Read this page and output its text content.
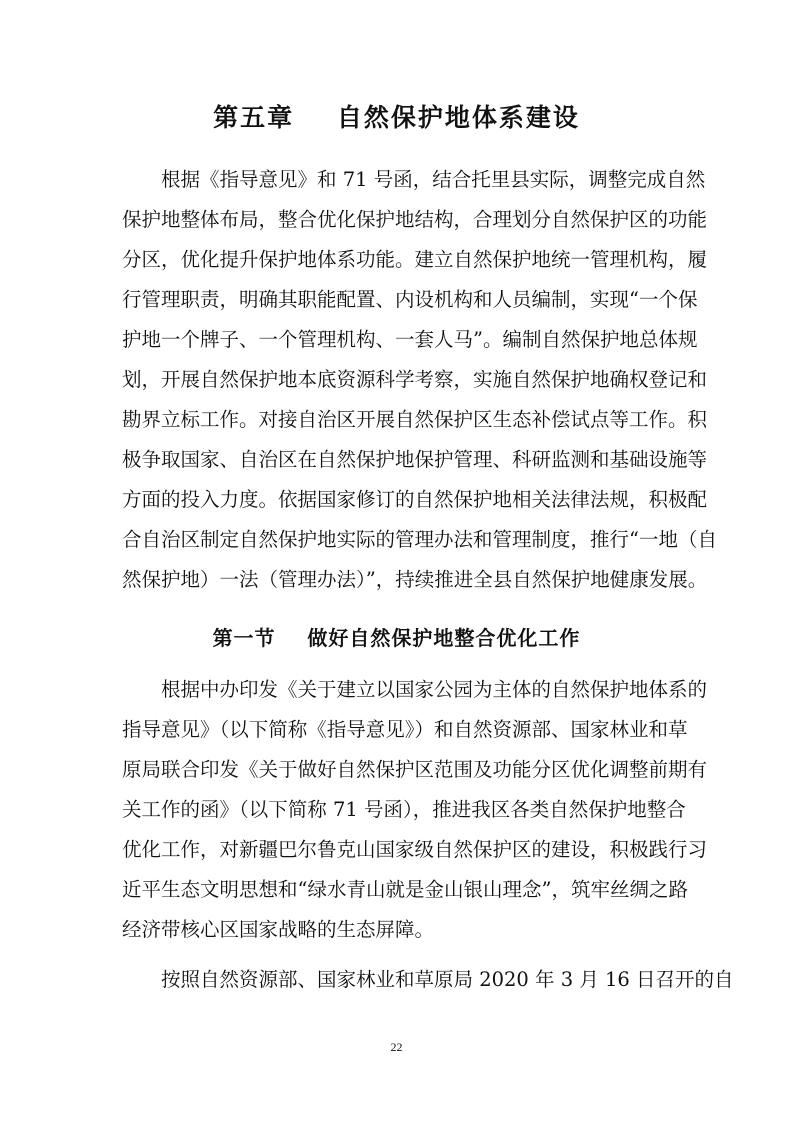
第五章    自然保护地体系建设
根据《指导意见》和 71 号函，结合托里县实际，调整完成自然
保护地整体布局，整合优化保护地结构，合理划分自然保护区的功能
分区，优化提升保护地体系功能。建立自然保护地统一管理机构，履
行管理职责，明确其职能配置、内设机构和人员编制，实现“一个保
护地一个牌子、一个管理机构、一套人马”。编制自然保护地总体规
划，开展自然保护地本底资源科学考察，实施自然保护地确权登记和
勘界立标工作。对接自治区开展自然保护区生态补偿试点等工作。积
极争取国家、自治区在自然保护地保护管理、科研监测和基础设施等
方面的投入力度。依据国家修订的自然保护地相关法律法规，积极配
合自治区制定自然保护地实际的管理办法和管理制度，推行“一地（自
然保护地）一法（管理办法）”，持续推进全县自然保护地健康发展。
第一节    做好自然保护地整合优化工作
根据中办印发《关于建立以国家公园为主体的自然保护地体系的
指导意见》（以下简称《指导意见》）和自然资源部、国家林业和草
原局联合印发《关于做好自然保护区范围及功能分区优化调整前期有
关工作的函》（以下简称 71 号函），推进我区各类自然保护地整合
优化工作，对新疆巴尔鲁克山国家级自然保护区的建设，积极践行习
近平生态文明思想和“绿水青山就是金山银山理念”，筑牢丝绸之路
经济带核心区国家战略的生态屏障。
按照自然资源部、国家林业和草原局 2020 年 3 月 16 日召开的自
22
